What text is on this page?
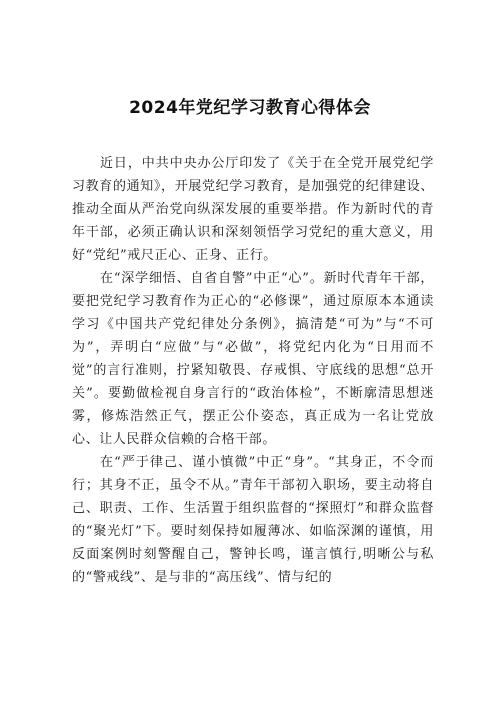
2024年党纪学习教育心得体会

近日，中共中央办公厅印发了《关于在全党开展党纪学习教育的通知》，开展党纪学习教育，是加强党的纪律建设、推动全面从严治党向纵深发展的重要举措。作为新时代的青年干部，必须正确认识和深刻领悟学习党纪的重大意义，用好“党纪”戒尺正心、正身、正行。

在“深学细悟、自省自警”中正“心”。新时代青年干部，要把党纪学习教育作为正心的“必修课”，通过原原本本通读学习《中国共产党纪律处分条例》，搞清楚“可为”与“不可为”，弄明白“应做”与“必做”，将党纪内化为“日用而不觉”的言行准则，拧紧知敬畏、存戒惧、守底线的思想“总开关”。要勤做检视自身言行的“政治体检”，不断廓清思想迷雾，修炼浩然正气，摆正公仆姿态，真正成为一名让党放心、让人民群众信赖的合格干部。

在“严于律己、谨小慎微”中正“身”。“其身正，不令而行；其身不正，虽令不从。”青年干部初入职场，要主动将自己、职责、工作、生活置于组织监督的“探照灯”和群众监督的“聚光灯”下。要时刻保持如履薄冰、如临深渊的谨慎，用反面案例时刻警醒自己，警钟长鸣，谨言慎行,明晰公与私的“警戒线”、是与非的“高压线”、情与纪的
